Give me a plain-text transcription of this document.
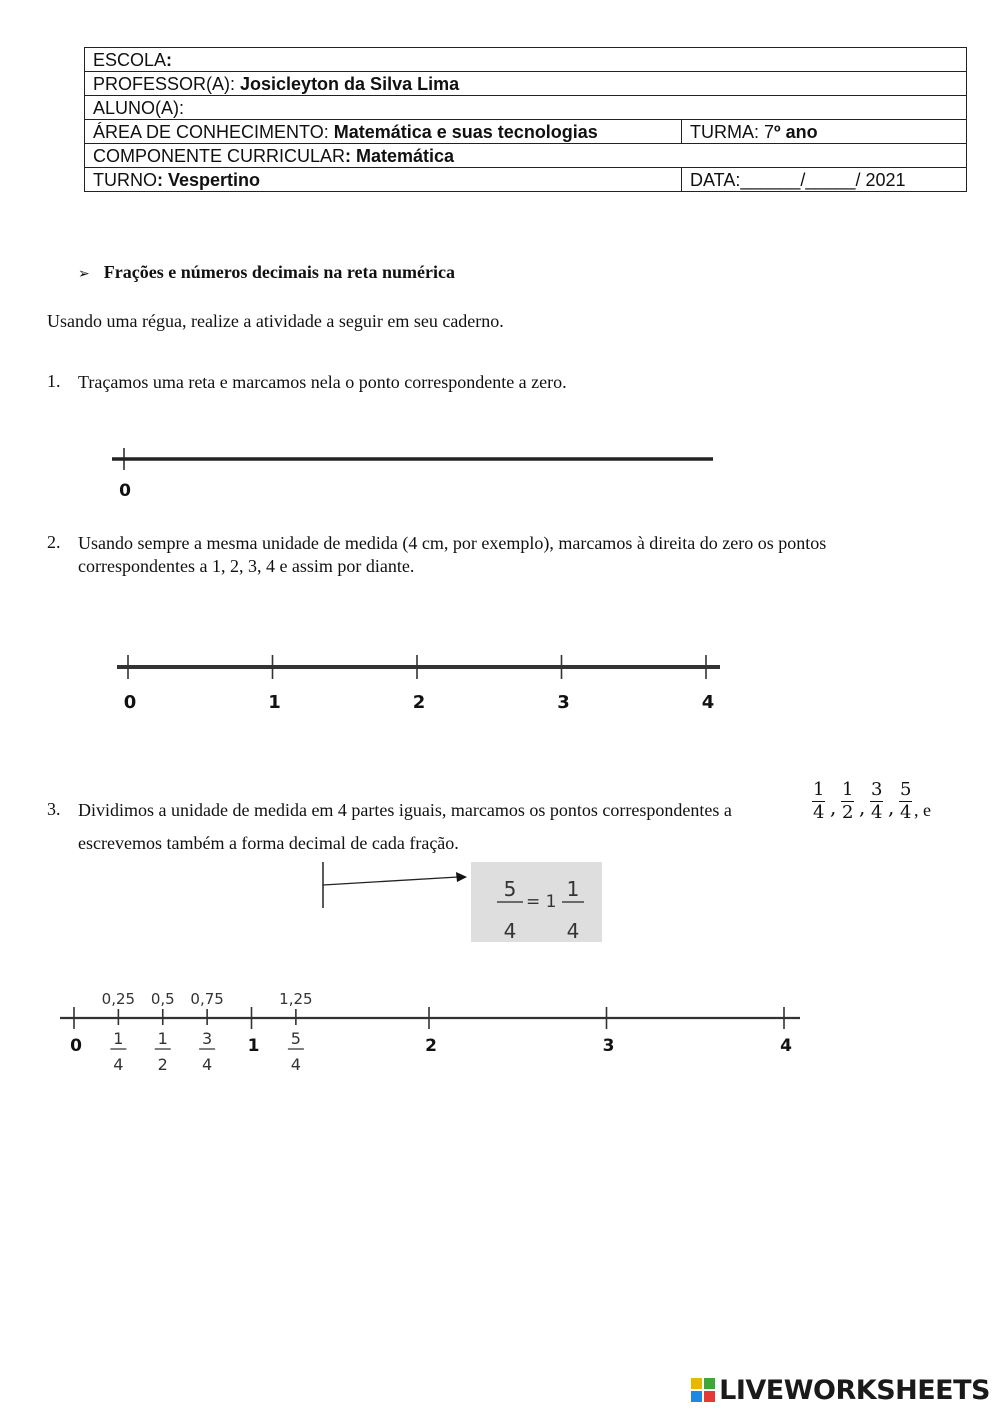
ESCOLA:	
PROFESSOR(A): Josicleyton da Silva Lima	
ALUNO(A):	
ÁREA DE CONHECIMENTO: Matemática e suas tecnologias	TURMA: 7º ano
COMPONENTE CURRICULAR: Matemática	
TURNO: Vespertino	DATA:______/_____/ 2021
➢ Frações e números decimais na reta numérica
Usando uma régua, realize a atividade a seguir em seu caderno.
1. Traçamos uma reta e marcamos nela o ponto correspondente a zero.
0
2. Usando sempre a mesma unidade de medida (4 cm, por exemplo), marcamos à direita do zero os pontos
correspondentes a 1, 2, 3, 4 e assim por diante.
0	1	2	3	4
3. Dividimos a unidade de medida em 4 partes iguais, marcamos os pontos correspondentes a	$\frac{1}{4}$ , $\frac{1}{2}$ , $\frac{3}{4}$ , $\frac{5}{4}$ , e
escrevemos também a forma decimal de cada fração.
5
4
= 1
1
4
0	1	2	3	4
0,25
1
4
0,5
1
2
0,75
3
4
1,25
5
4
LIVEWORKSHEETS
